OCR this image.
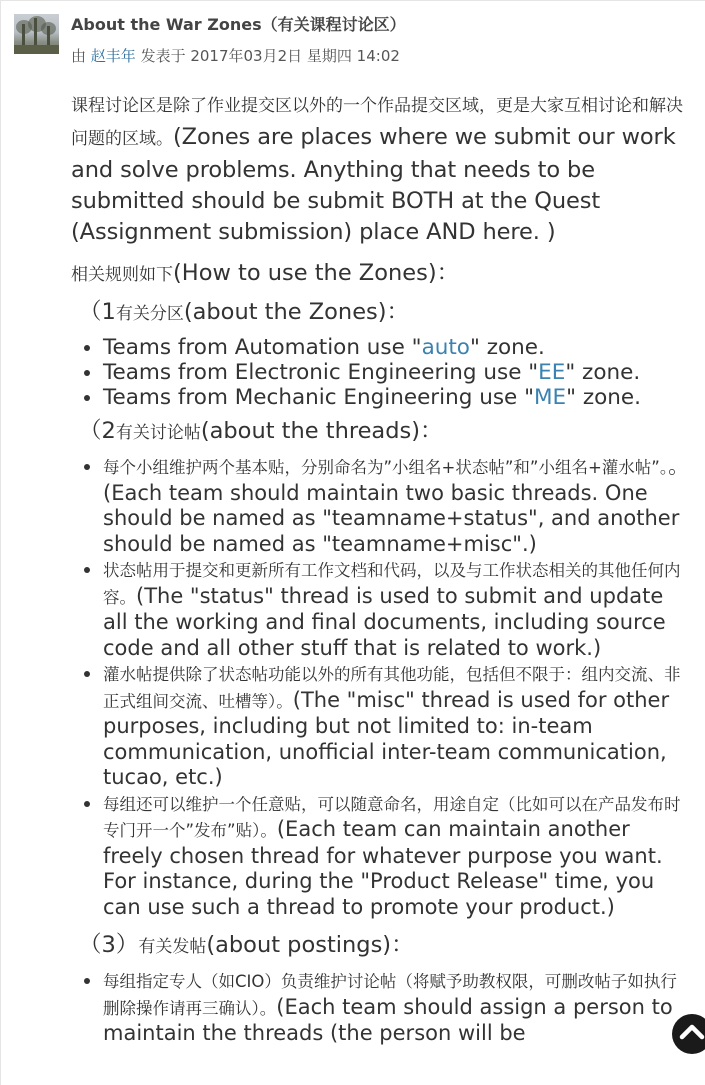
About the War Zones（有关课程讨论区）
由 赵丰年 发表于 2017年03月2日 星期四 14:02

课程讨论区是除了作业提交区以外的一个作品提交区域，更是大家互相讨论和解决问题的区域。(Zones are places where we submit our work and solve problems. Anything that needs to be submitted should be submit BOTH at the Quest (Assignment submission) place AND here. )

相关规则如下(How to use the Zones)：

（1有关分区(about the Zones)：

• Teams from Automation use "auto" zone.
• Teams from Electronic Engineering use "EE" zone.
• Teams from Mechanic Engineering use "ME" zone.

（2有关讨论帖(about the threads)：

• 每个小组维护两个基本贴，分别命名为”小组名+状态帖”和”小组名+灌水帖”。。(Each team should maintain two basic threads. One should be named as "teamname+status", and another should be named as "teamname+misc".)
• 状态帖用于提交和更新所有工作文档和代码，以及与工作状态相关的其他任何内容。(The "status" thread is used to submit and update all the working and final documents, including source code and all other stuff that is related to work.)
• 灌水帖提供除了状态帖功能以外的所有其他功能，包括但不限于：组内交流、非正式组间交流、吐槽等）。(The "misc" thread is used for other purposes, including but not limited to: in-team communication, unofficial inter-team communication, tucao, etc.)
• 每组还可以维护一个任意贴，可以随意命名，用途自定（比如可以在产品发布时专门开一个”发布”贴）。(Each team can maintain another freely chosen thread for whatever purpose you want. For instance, during the "Product Release" time, you can use such a thread to promote your product.)

（3）有关发帖(about postings)：

• 每组指定专人（如CIO）负责维护讨论帖（将赋予助教权限，可删改帖子如执行删除操作请再三确认）。(Each team should assign a person to maintain the threads (the person will be
